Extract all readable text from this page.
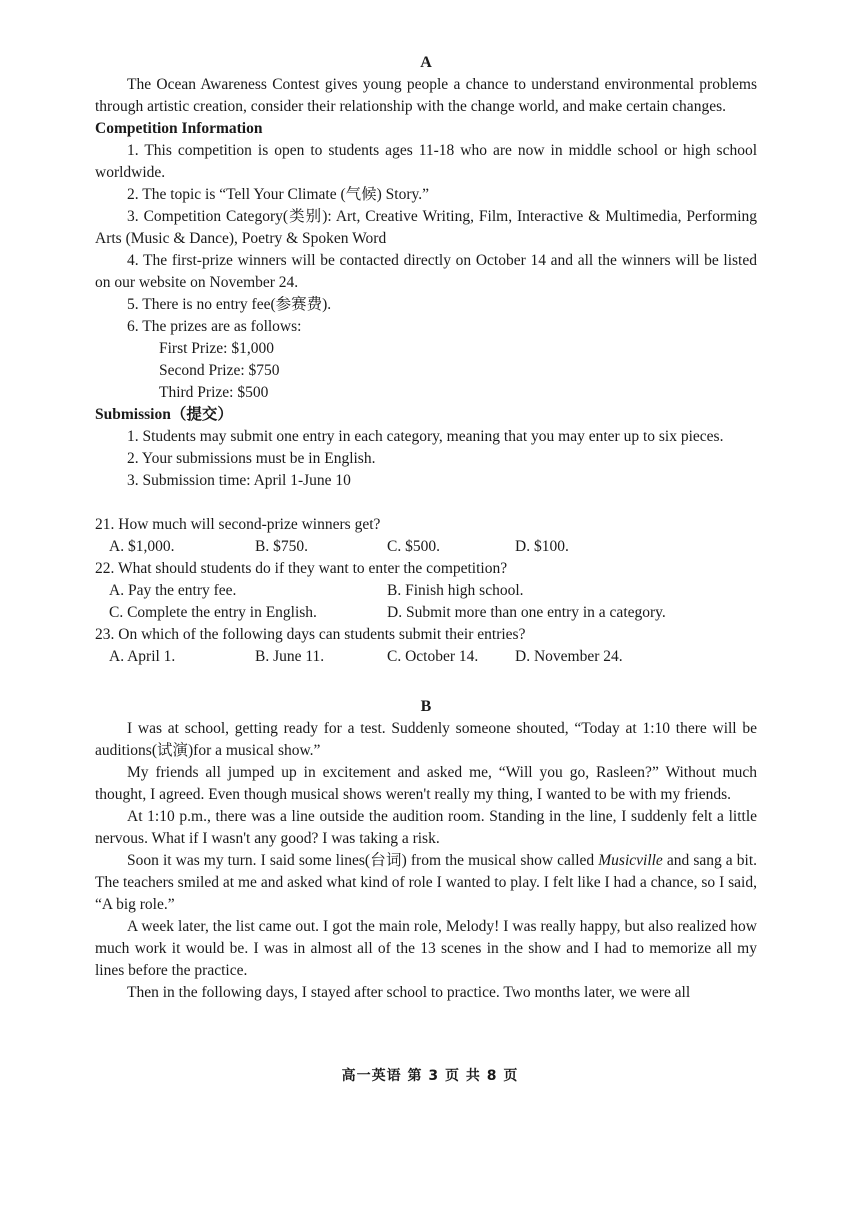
A
The Ocean Awareness Contest gives young people a chance to understand environmental problems through artistic creation, consider their relationship with the change world, and make certain changes.
Competition Information
1. This competition is open to students ages 11-18 who are now in middle school or high school worldwide.
2. The topic is “Tell Your Climate (气候) Story.”
3. Competition Category(类别): Art, Creative Writing, Film, Interactive & Multimedia, Performing Arts (Music & Dance), Poetry & Spoken Word
4. The first-prize winners will be contacted directly on October 14 and all the winners will be listed on our website on November 24.
5. There is no entry fee(参赛费).
6. The prizes are as follows:
First Prize: $1,000
Second Prize: $750
Third Prize: $500
Submission（提交）
1. Students may submit one entry in each category, meaning that you may enter up to six pieces.
2. Your submissions must be in English.
3. Submission time: April 1-June 10
21. How much will second-prize winners get?
A. $1,000.	B. $750.	C. $500.	D. $100.
22. What should students do if they want to enter the competition?
A. Pay the entry fee.	B. Finish high school.
C. Complete the entry in English.	D. Submit more than one entry in a category.
23. On which of the following days can students submit their entries?
A. April 1.	B. June 11.	C. October 14.	D. November 24.
B
I was at school, getting ready for a test. Suddenly someone shouted, “Today at 1:10 there will be auditions(试演)for a musical show.”
My friends all jumped up in excitement and asked me, “Will you go, Rasleen?” Without much thought, I agreed. Even though musical shows weren't really my thing, I wanted to be with my friends.
At 1:10 p.m., there was a line outside the audition room. Standing in the line, I suddenly felt a little nervous. What if I wasn't any good? I was taking a risk.
Soon it was my turn. I said some lines(台词) from the musical show called Musicville and sang a bit. The teachers smiled at me and asked what kind of role I wanted to play. I felt like I had a chance, so I said, “A big role.”
A week later, the list came out. I got the main role, Melody! I was really happy, but also realized how much work it would be. I was in almost all of the 13 scenes in the show and I had to memorize all my lines before the practice.
Then in the following days, I stayed after school to practice. Two months later, we were all
高一英语 第 3 页 共 8 页
